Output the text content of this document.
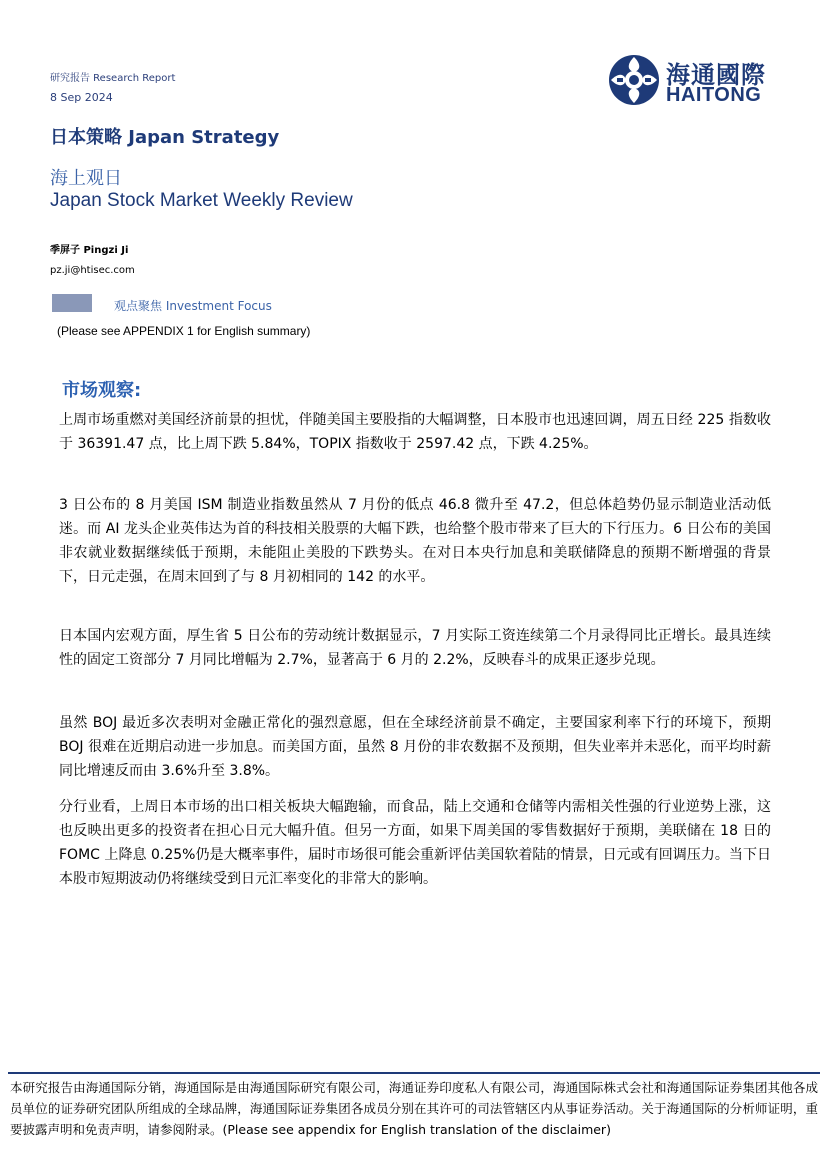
研究报告 Research Report
8 Sep 2024
海通國際
HAITONG
日本策略 Japan Strategy
海上观日
Japan Stock Market Weekly Review
季屏子 Pingzi Ji
pz.ji@htisec.com
观点聚焦 Investment Focus
(Please see APPENDIX 1 for English summary)
市场观察:
上周市场重燃对美国经济前景的担忧，伴随美国主要股指的大幅调整，日本股市也迅速回调，周五日经 225 指数收于 36391.47 点，比上周下跌 5.84%，TOPIX 指数收于 2597.42 点，下跌 4.25%。
3 日公布的 8 月美国 ISM 制造业指数虽然从 7 月份的低点 46.8 微升至 47.2，但总体趋势仍显示制造业活动低迷。而 AI 龙头企业英伟达为首的科技相关股票的大幅下跌，也给整个股市带来了巨大的下行压力。6 日公布的美国非农就业数据继续低于预期，未能阻止美股的下跌势头。在对日本央行加息和美联储降息的预期不断增强的背景下，日元走强，在周末回到了与 8 月初相同的 142 的水平。
日本国内宏观方面，厚生省 5 日公布的劳动统计数据显示，7 月实际工资连续第二个月录得同比正增长。最具连续性的固定工资部分 7 月同比增幅为 2.7%，显著高于 6 月的 2.2%，反映春斗的成果正逐步兑现。
虽然 BOJ 最近多次表明对金融正常化的强烈意愿，但在全球经济前景不确定，主要国家利率下行的环境下，预期 BOJ 很难在近期启动进一步加息。而美国方面，虽然 8 月份的非农数据不及预期，但失业率并未恶化，而平均时薪同比增速反而由 3.6%升至 3.8%。
分行业看，上周日本市场的出口相关板块大幅跑输，而食品，陆上交通和仓储等内需相关性强的行业逆势上涨，这也反映出更多的投资者在担心日元大幅升值。但另一方面，如果下周美国的零售数据好于预期，美联储在 18 日的 FOMC 上降息 0.25%仍是大概率事件，届时市场很可能会重新评估美国软着陆的情景，日元或有回调压力。当下日本股市短期波动仍将继续受到日元汇率变化的非常大的影响。
本研究报告由海通国际分销，海通国际是由海通国际研究有限公司，海通证券印度私人有限公司，海通国际株式会社和海通国际证券集团其他各成员单位的证券研究团队所组成的全球品牌，海通国际证券集团各成员分别在其许可的司法管辖区内从事证券活动。关于海通国际的分析师证明，重要披露声明和免责声明，请参阅附录。(Please see appendix for English translation of the disclaimer)
